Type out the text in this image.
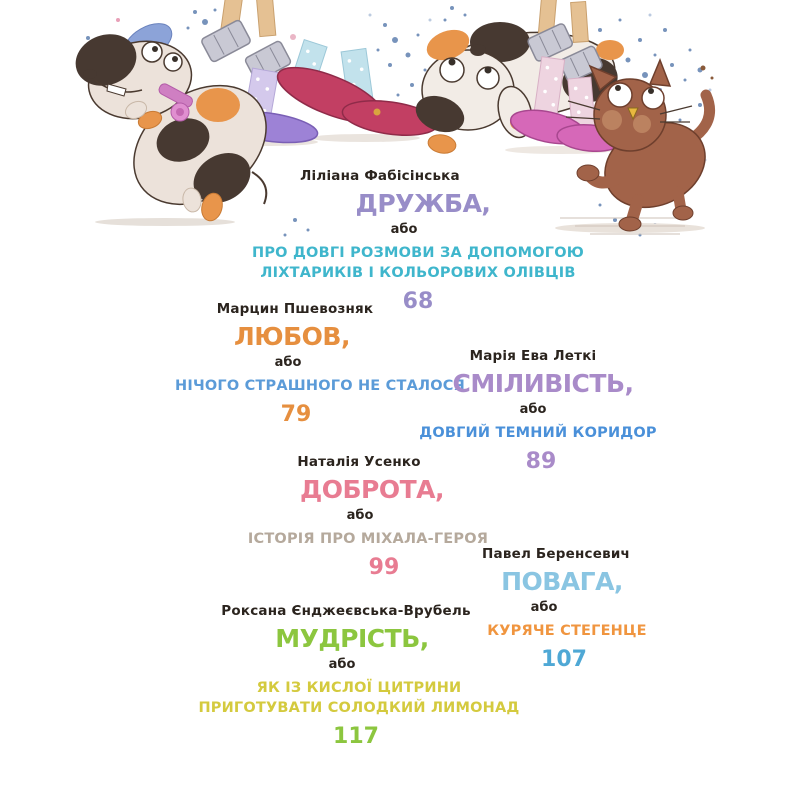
Ліліана Фабісінська
ДРУЖБА,
або
ПРО ДОВГІ РОЗМОВИ ЗА ДОПОМОГОЮ
ЛІХТАРИКІВ І КОЛЬОРОВИХ ОЛІВЦІВ
68
Марцин Пшевозняк
ЛЮБОВ,
або
НІЧОГО СТРАШНОГО НЕ СТАЛОСЯ
79
Марія Ева Леткі
СМІЛИВІСТЬ,
або
ДОВГИЙ ТЕМНИЙ КОРИДОР
89
Наталія Усенко
ДОБРОТА,
або
ІСТОРІЯ ПРО МІХАЛА-ГЕРОЯ
99
Павел Беренсевич
ПОВАГА,
або
КУРЯЧЕ СТЕГЕНЦЕ
107
Роксана Єнджеєвська-Врубель
МУДРІСТЬ,
або
ЯК ІЗ КИСЛОЇ ЦИТРИНИ
ПРИГОТУВАТИ СОЛОДКИЙ ЛИМОНАД
117
